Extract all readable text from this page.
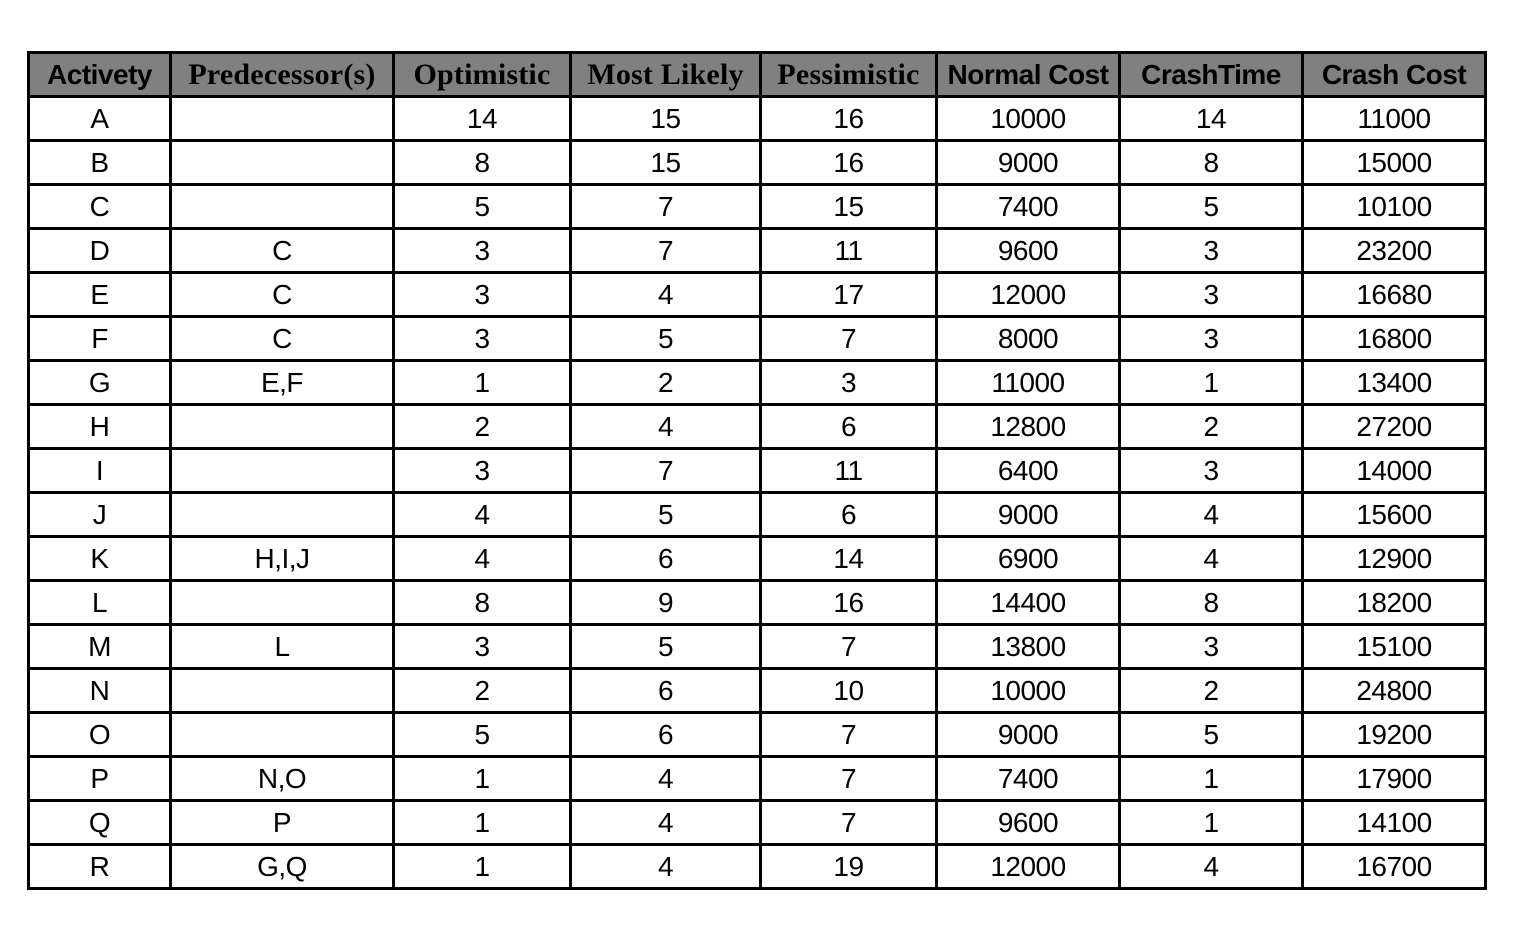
Activety	Predecessor(s)	Optimistic	Most Likely	Pessimistic	Normal Cost	CrashTime	Crash Cost
A		14	15	16	10000	14	11000
B		8	15	16	9000	8	15000
C		5	7	15	7400	5	10100
D	C	3	7	11	9600	3	23200
E	C	3	4	17	12000	3	16680
F	C	3	5	7	8000	3	16800
G	E,F	1	2	3	11000	1	13400
H		2	4	6	12800	2	27200
I		3	7	11	6400	3	14000
J		4	5	6	9000	4	15600
K	H,I,J	4	6	14	6900	4	12900
L		8	9	16	14400	8	18200
M	L	3	5	7	13800	3	15100
N		2	6	10	10000	2	24800
O		5	6	7	9000	5	19200
P	N,O	1	4	7	7400	1	17900
Q	P	1	4	7	9600	1	14100
R	G,Q	1	4	19	12000	4	16700
